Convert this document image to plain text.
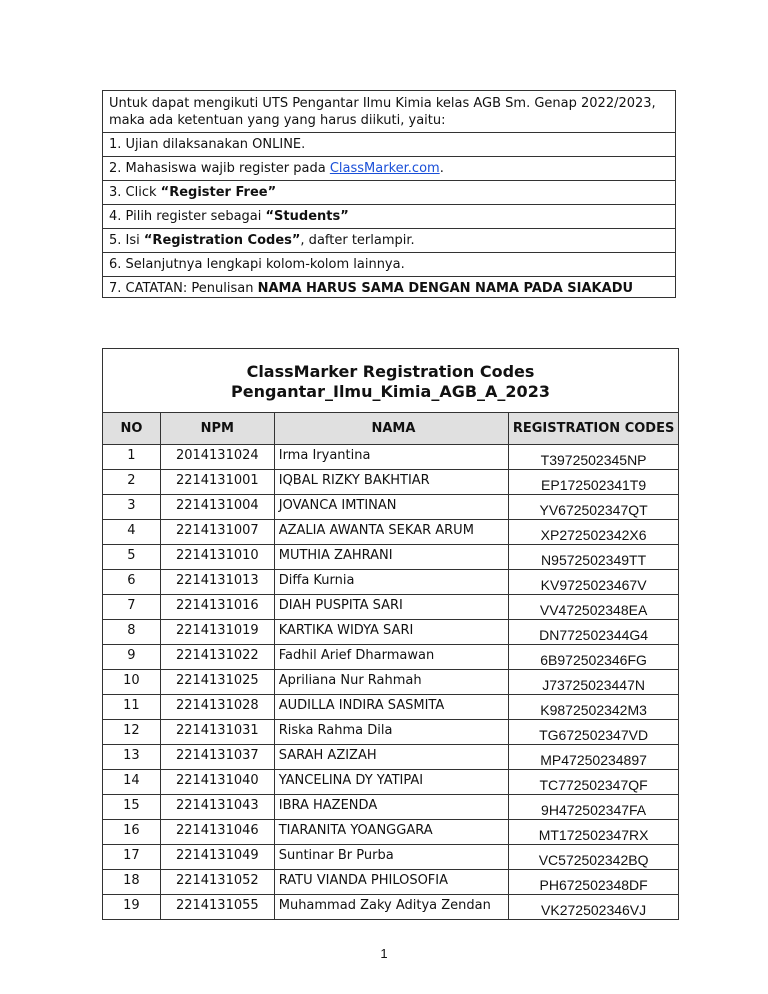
Untuk dapat mengikuti UTS Pengantar Ilmu Kimia kelas AGB Sm. Genap 2022/2023, maka ada ketentuan yang yang harus diikuti, yaitu:
1. Ujian dilaksanakan ONLINE.
2. Mahasiswa wajib register pada ClassMarker.com.
3. Click “Register Free”
4. Pilih register sebagai “Students”
5. Isi “Registration Codes”, dafter terlampir.
6. Selanjutnya lengkapi kolom-kolom lainnya.
7. CATATAN: Penulisan NAMA HARUS SAMA DENGAN NAMA PADA SIAKADU
ClassMarker Registration Codes
Pengantar_Ilmu_Kimia_AGB_A_2023			

NO	NPM	NAMA	REGISTRATION CODES
1	2014131024	Irma Iryantina	T3972502345NP
2	2214131001	IQBAL RIZKY BAKHTIAR	EP172502341T9
3	2214131004	JOVANCA IMTINAN	YV672502347QT
4	2214131007	AZALIA AWANTA SEKAR ARUM	XP272502342X6
5	2214131010	MUTHIA ZAHRANI	N9572502349TT
6	2214131013	Diffa Kurnia	KV9725023467V
7	2214131016	DIAH PUSPITA SARI	VV472502348EA
8	2214131019	KARTIKA WIDYA SARI	DN772502344G4
9	2214131022	Fadhil Arief Dharmawan	6B972502346FG
10	2214131025	Apriliana Nur Rahmah	J73725023447N
11	2214131028	AUDILLA INDIRA SASMITA	K9872502342M3
12	2214131031	Riska Rahma Dila	TG672502347VD
13	2214131037	SARAH AZIZAH	MP47250234897
14	2214131040	YANCELINA DY YATIPAI	TC772502347QF
15	2214131043	IBRA HAZENDA	9H472502347FA
16	2214131046	TIARANITA YOANGGARA	MT172502347RX
17	2214131049	Suntinar Br Purba	VC572502342BQ
18	2214131052	RATU VIANDA PHILOSOFIA	PH672502348DF
19	2214131055	Muhammad Zaky Aditya Zendan	VK272502346VJ
1
